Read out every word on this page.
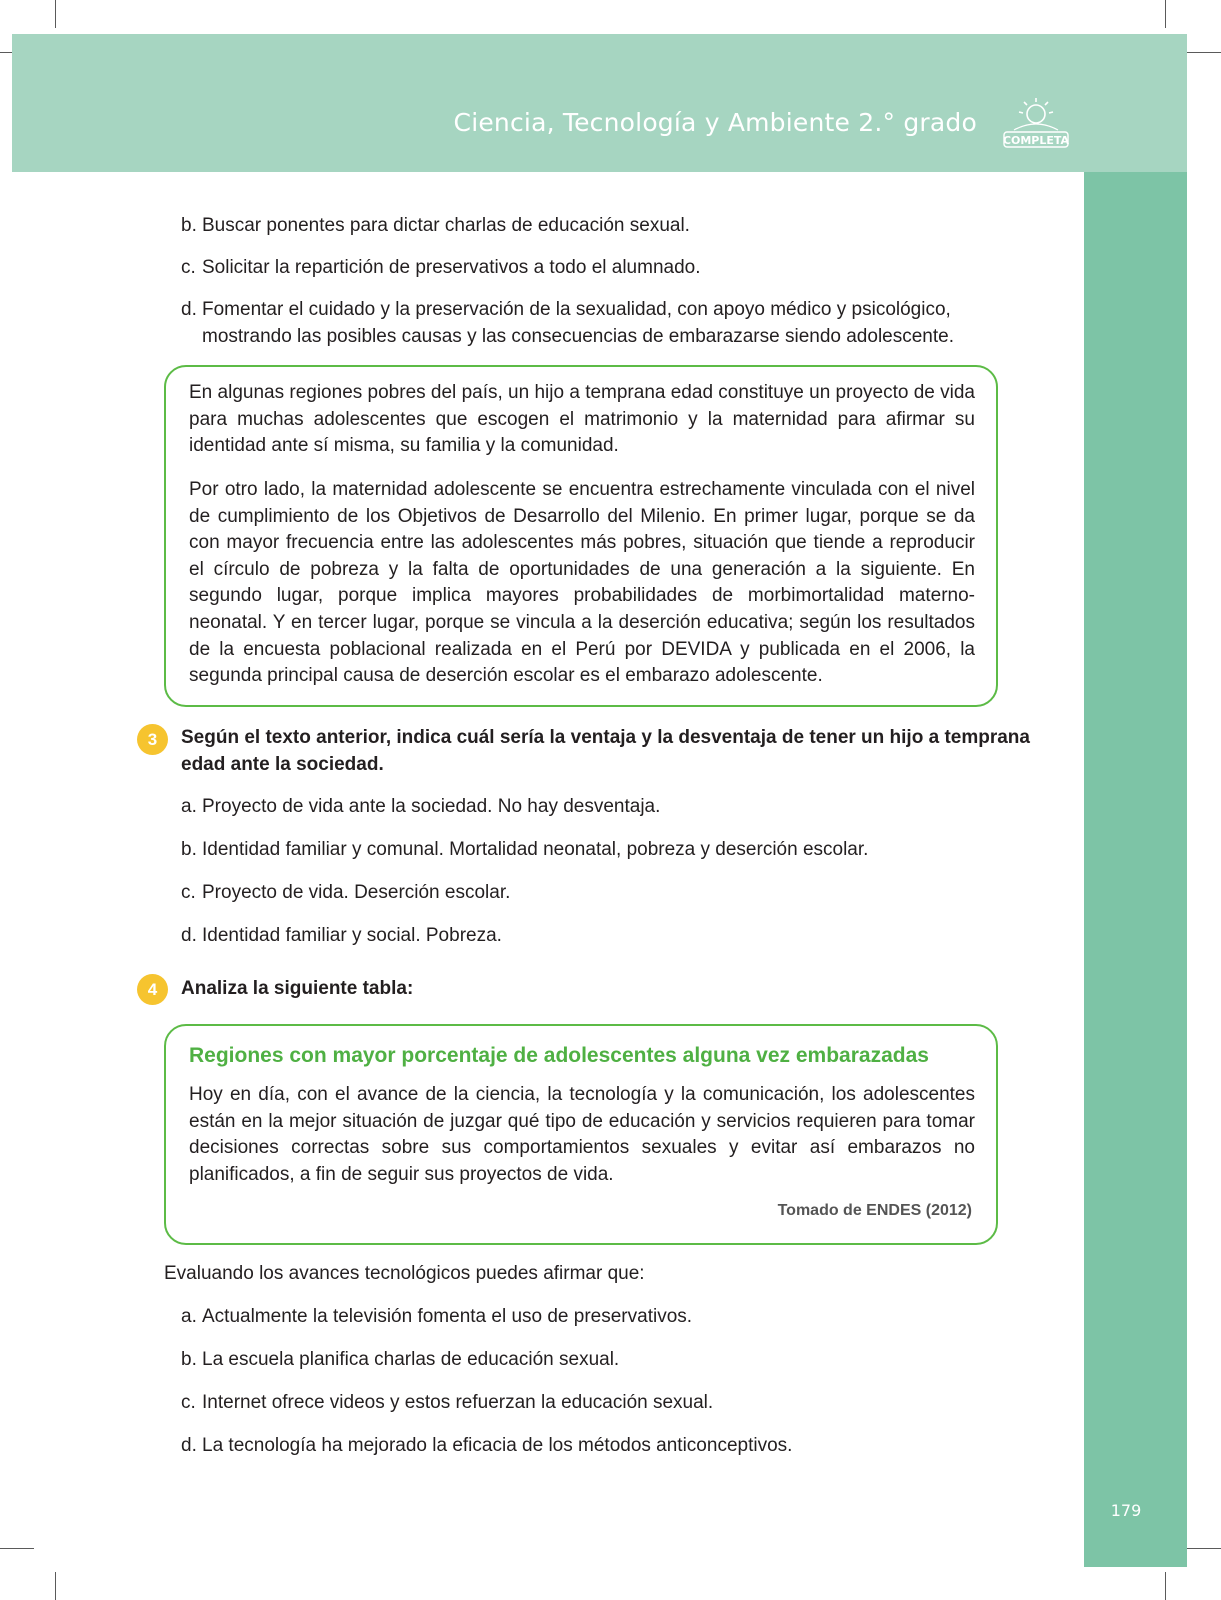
Ciencia, Tecnología y Ambiente 2.° grado
COMPLETA
179
b. Buscar ponentes para dictar charlas de educación sexual.
c. Solicitar la repartición de preservativos a todo el alumnado.
d. Fomentar el cuidado y la preservación de la sexualidad, con apoyo médico y psicológico, mostrando las posibles causas y las consecuencias de embarazarse siendo adolescente.

En algunas regiones pobres del país, un hijo a temprana edad constituye un proyecto de vida para muchas adolescentes que escogen el matrimonio y la maternidad para afirmar su identidad ante sí misma, su familia y la comunidad.

Por otro lado, la maternidad adolescente se encuentra estrechamente vinculada con el nivel de cumplimiento de los Objetivos de Desarrollo del Milenio. En primer lugar, porque se da con mayor frecuencia entre las adolescentes más pobres, situación que tiende a reproducir el círculo de pobreza y la falta de oportunidades de una generación a la siguiente. En segundo lugar, porque implica mayores probabilidades de morbimortalidad materno-neonatal. Y en tercer lugar, porque se vincula a la deserción educativa; según los resultados de la encuesta poblacional realizada en el Perú por DEVIDA y publicada en el 2006, la segunda principal causa de deserción escolar es el embarazo adolescente.

3	Según el texto anterior, indica cuál sería la ventaja y la desventaja de tener un hijo a temprana edad ante la sociedad.

a. Proyecto de vida ante la sociedad. No hay desventaja.
b. Identidad familiar y comunal. Mortalidad neonatal, pobreza y deserción escolar.
c. Proyecto de vida. Deserción escolar.
d. Identidad familiar y social. Pobreza.
4	Analiza la siguiente tabla:

Regiones con mayor porcentaje de adolescentes alguna vez embarazadas

Hoy en día, con el avance de la ciencia, la tecnología y la comunicación, los adolescentes están en la mejor situación de juzgar qué tipo de educación y servicios requieren para tomar decisiones correctas sobre sus comportamientos sexuales y evitar así embarazos no planificados, a fin de seguir sus proyectos de vida.

Tomado de ENDES (2012)
Evaluando los avances tecnológicos puedes afirmar que:
a. Actualmente la televisión fomenta el uso de preservativos.
b. La escuela planifica charlas de educación sexual.
c. Internet ofrece videos y estos refuerzan la educación sexual.
d. La tecnología ha mejorado la eficacia de los métodos anticonceptivos.
